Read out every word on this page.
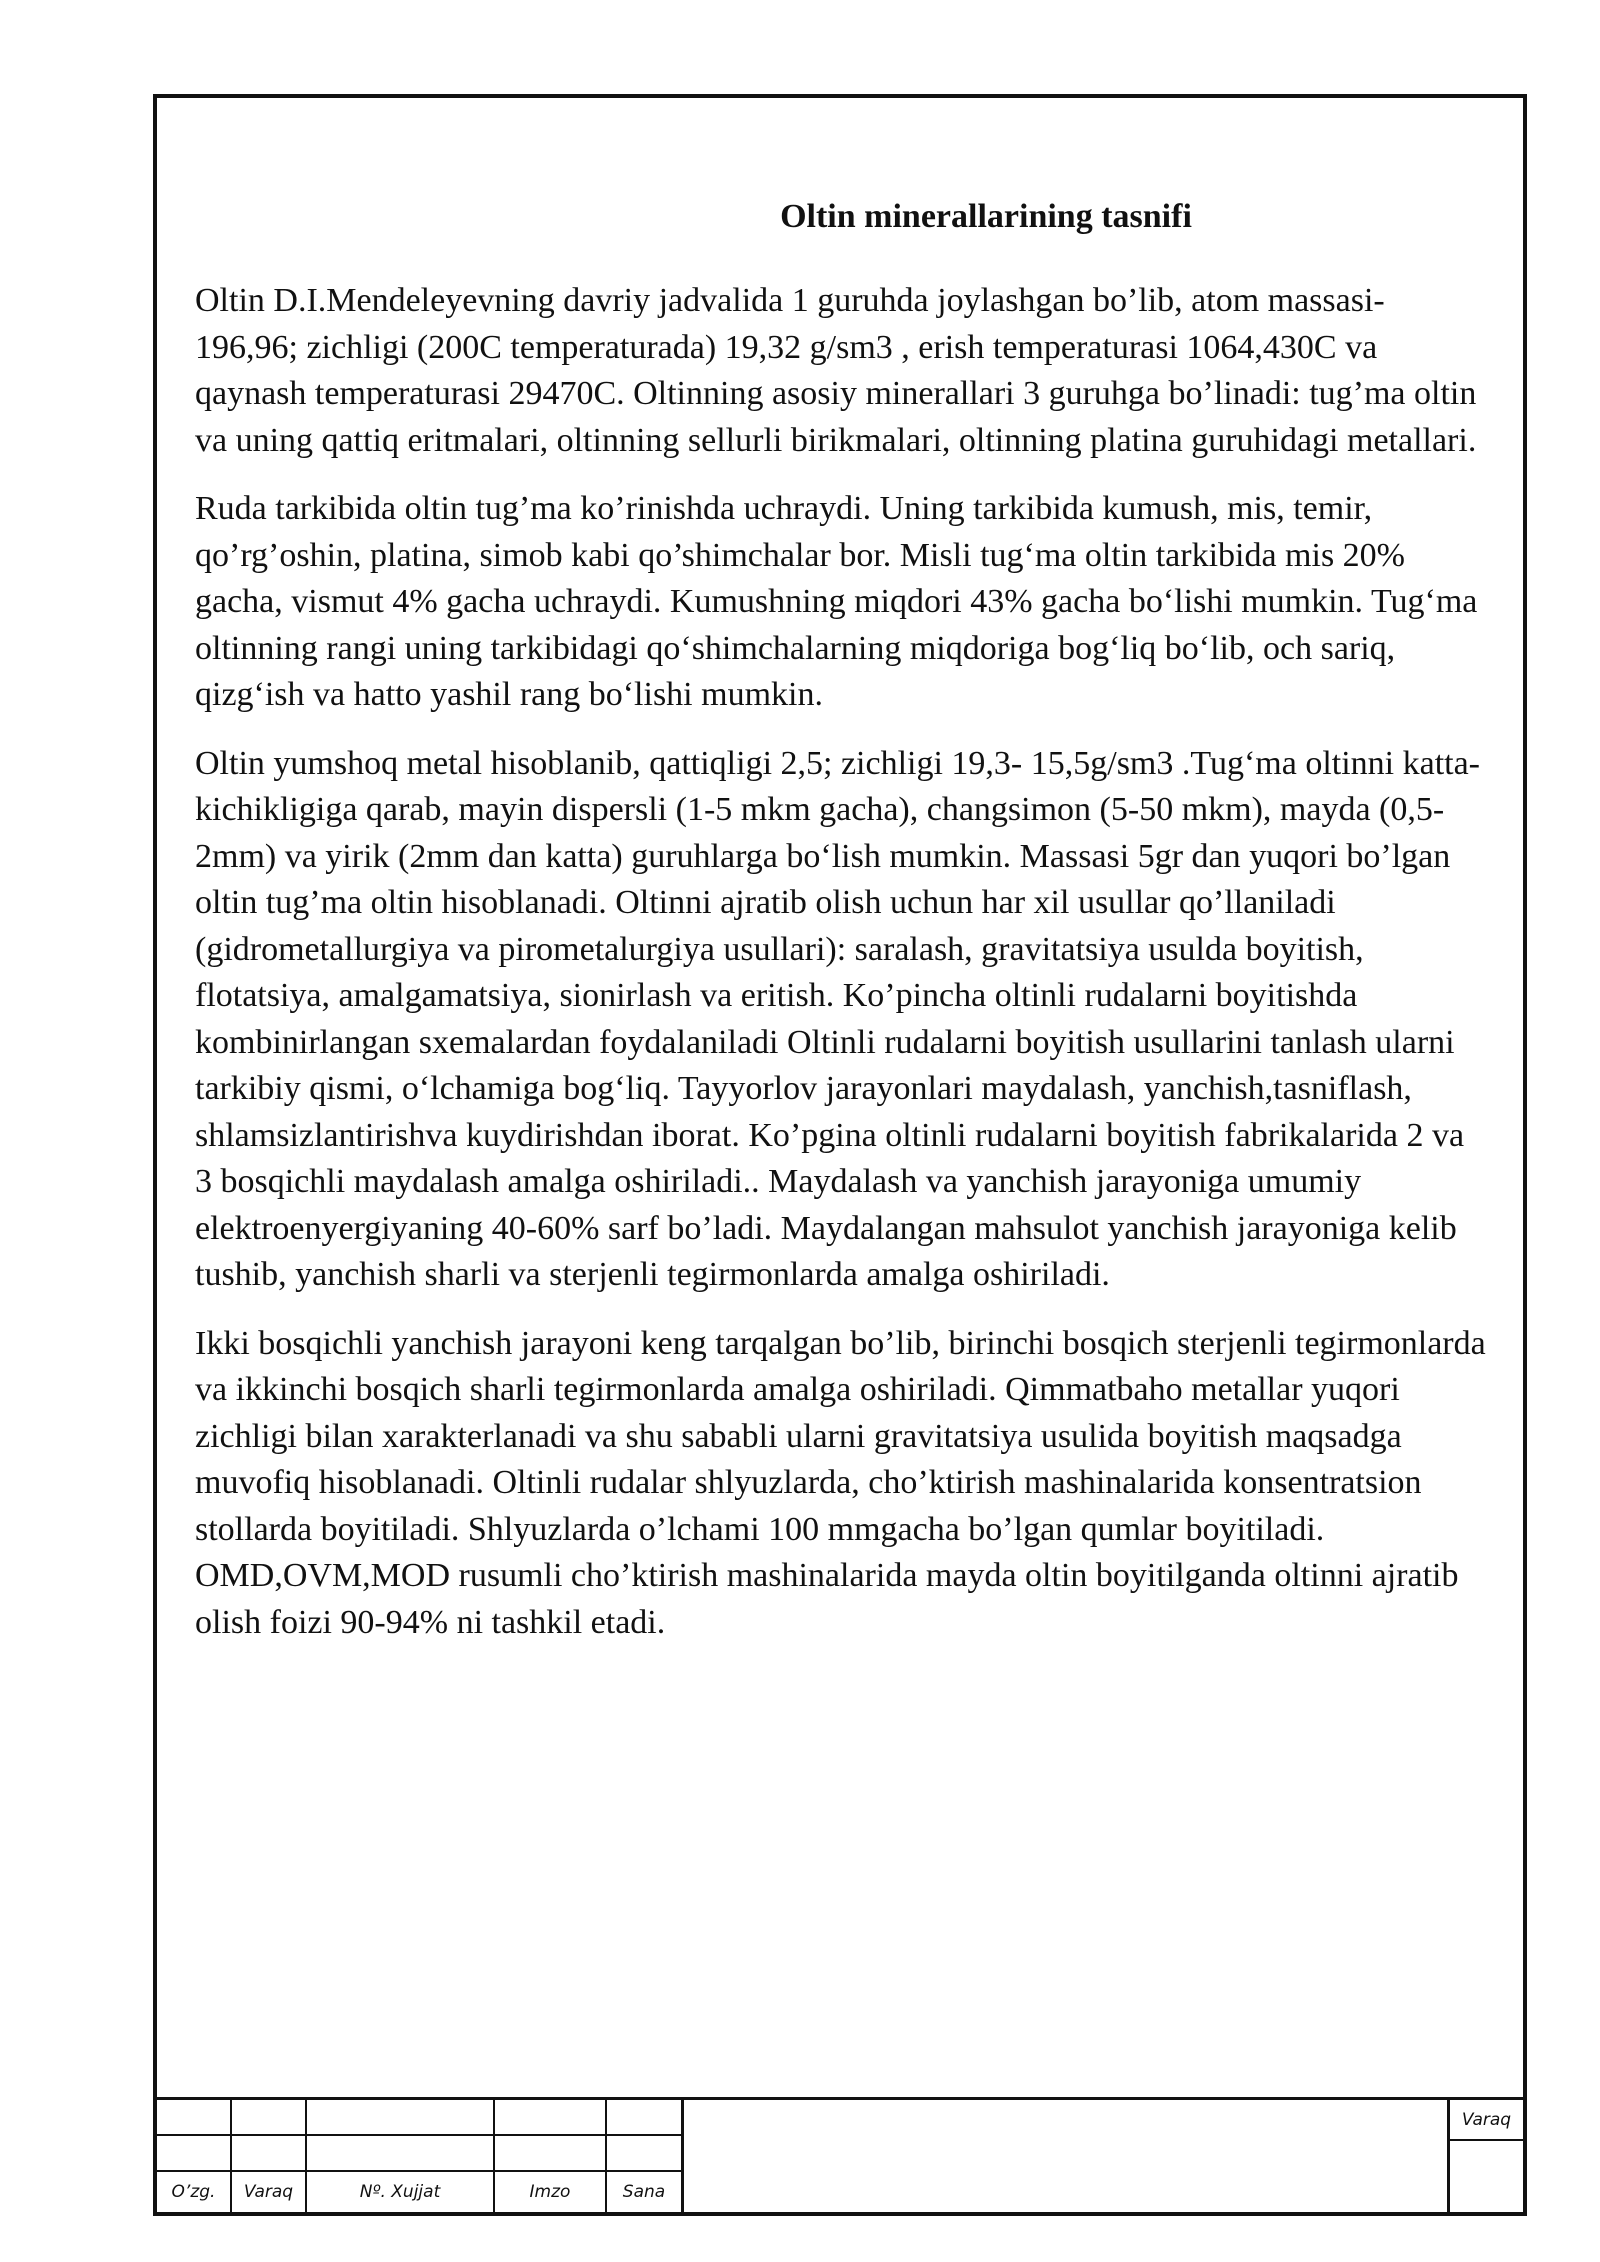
Oltin minerallarining tasnifi

Oltin D.I.Mendeleyevning davriy jadvalida 1 guruhda joylashgan bo’lib, atom massasi-196,96; zichligi (200C temperaturada) 19,32 g/sm3 , erish temperaturasi 1064,430C va qaynash temperaturasi 29470C. Oltinning asosiy minerallari 3 guruhga bo’linadi: tug’ma oltin va uning qattiq eritmalari, oltinning sellurli birikmalari, oltinning platina guruhidagi metallari.

Ruda tarkibida oltin tug’ma ko’rinishda uchraydi. Uning tarkibida kumush, mis, temir, qo’rg’oshin, platina, simob kabi qo’shimchalar bor. Misli tug‘ma oltin tarkibida mis 20% gacha, vismut 4% gacha uchraydi. Kumushning miqdori 43% gacha bo‘lishi mumkin. Tug‘ma oltinning rangi uning tarkibidagi qo‘shimchalarning miqdoriga bog‘liq bo‘lib, och sariq, qizg‘ish va hatto yashil rang bo‘lishi mumkin.

Oltin yumshoq metal hisoblanib, qattiqligi 2,5; zichligi 19,3- 15,5g/sm3 .Tug‘ma oltinni katta-kichikligiga qarab, mayin dispersli (1-5 mkm gacha), changsimon (5-50 mkm), mayda (0,5-2mm) va yirik (2mm dan katta) guruhlarga bo‘lish mumkin. Massasi 5gr dan yuqori bo’lgan oltin tug’ma oltin hisoblanadi. Oltinni ajratib olish uchun har xil usullar qo’llaniladi (gidrometallurgiya va pirometalurgiya usullari): saralash, gravitatsiya usulda boyitish, flotatsiya, amalgamatsiya, sionirlash va eritish. Ko’pincha oltinli rudalarni boyitishda kombinirlangan sxemalardan foydalaniladi Oltinli rudalarni boyitish usullarini tanlash ularni tarkibiy qismi, o‘lchamiga bog‘liq. Tayyorlov jarayonlari maydalash, yanchish,tasniflash, shlamsizlantirishva kuydirishdan iborat. Ko’pgina oltinli rudalarni boyitish fabrikalarida 2 va 3 bosqichli maydalash amalga oshiriladi.. Maydalash va yanchish jarayoniga umumiy elektroenyergiyaning 40-60% sarf bo’ladi. Maydalangan mahsulot yanchish jarayoniga kelib tushib, yanchish sharli va sterjenli tegirmonlarda amalga oshiriladi.

Ikki bosqichli yanchish jarayoni keng tarqalgan bo’lib, birinchi bosqich sterjenli tegirmonlarda va ikkinchi bosqich sharli tegirmonlarda amalga oshiriladi. Qimmatbaho metallar yuqori zichligi bilan xarakterlanadi va shu sababli ularni gravitatsiya usulida boyitish maqsadga muvofiq hisoblanadi. Oltinli rudalar shlyuzlarda, cho’ktirish mashinalarida konsentratsion stollarda boyitiladi. Shlyuzlarda o’lchami 100 mmgacha bo’lgan qumlar boyitiladi. OMD,OVM,MOD rusumli cho’ktirish mashinalarida mayda oltin boyitilganda oltinni ajratib olish foizi 90-94% ni tashkil etadi.

O’zg.	Varaq	Nº. Xujjat	Imzo	Sana
Varaq
